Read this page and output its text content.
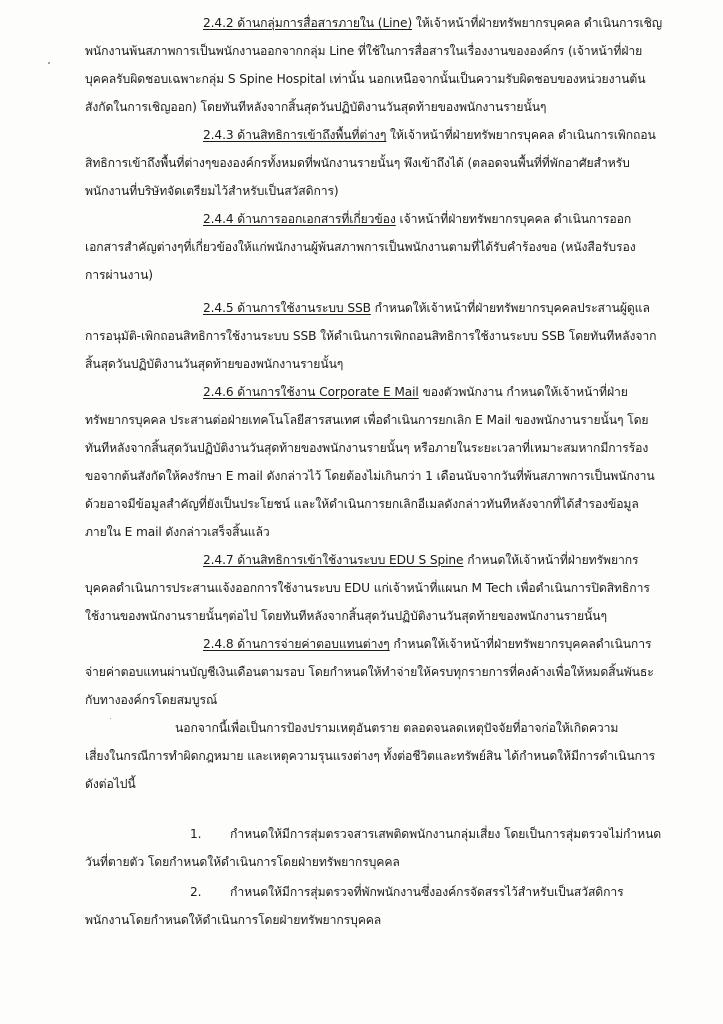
2.4.2 ด้านกลุ่มการสื่อสารภายใน (Line) ให้เจ้าหน้าที่ฝ่ายทรัพยากรบุคคล ดำเนินการเชิญ
พนักงานพ้นสภาพการเป็นพนักงานออกจากกลุ่ม Line ที่ใช้ในการสื่อสารในเรื่องงานขององค์กร (เจ้าหน้าที่ฝ่าย
บุคคลรับผิดชอบเฉพาะกลุ่ม S Spine Hospital เท่านั้น นอกเหนือจากนั้นเป็นความรับผิดชอบของหน่วยงานต้น
สังกัดในการเชิญออก) โดยทันทีหลังจากสิ้นสุดวันปฏิบัติงานวันสุดท้ายของพนักงานรายนั้นๆ
2.4.3 ด้านสิทธิการเข้าถึงพื้นที่ต่างๆ ให้เจ้าหน้าที่ฝ่ายทรัพยากรบุคคล ดำเนินการเพิกถอน
สิทธิการเข้าถึงพื้นที่ต่างๆขององค์กรทั้งหมดที่พนักงานรายนั้นๆ พึงเข้าถึงได้ (ตลอดจนพื้นที่ที่พักอาศัยสำหรับ
พนักงานที่บริษัทจัดเตรียมไว้สำหรับเป็นสวัสดิการ)
2.4.4 ด้านการออกเอกสารที่เกี่ยวข้อง เจ้าหน้าที่ฝ่ายทรัพยากรบุคคล ดำเนินการออก
เอกสารสำคัญต่างๆที่เกี่ยวข้องให้แก่พนักงานผู้พ้นสภาพการเป็นพนักงานตามที่ได้รับคำร้องขอ (หนังสือรับรอง
การผ่านงาน)
2.4.5 ด้านการใช้งานระบบ SSB กำหนดให้เจ้าหน้าที่ฝ่ายทรัพยากรบุคคลประสานผู้ดูแล
การอนุมัติ-เพิกถอนสิทธิการใช้งานระบบ SSB ให้ดำเนินการเพิกถอนสิทธิการใช้งานระบบ SSB โดยทันทีหลังจาก
สิ้นสุดวันปฏิบัติงานวันสุดท้ายของพนักงานรายนั้นๆ
2.4.6 ด้านการใช้งาน Corporate E Mail ของตัวพนักงาน กำหนดให้เจ้าหน้าที่ฝ่าย
ทรัพยากรบุคคล ประสานต่อฝ่ายเทคโนโลยีสารสนเทศ เพื่อดำเนินการยกเลิก E Mail ของพนักงานรายนั้นๆ โดย
ทันทีหลังจากสิ้นสุดวันปฏิบัติงานวันสุดท้ายของพนักงานรายนั้นๆ หรือภายในระยะเวลาที่เหมาะสมหากมีการร้อง
ขอจากต้นสังกัดให้คงรักษา E mail ดังกล่าวไว้ โดยต้องไม่เกินกว่า 1 เดือนนับจากวันที่พ้นสภาพการเป็นพนักงาน
ด้วยอาจมีข้อมูลสำคัญที่ยังเป็นประโยชน์ และให้ดำเนินการยกเลิกอีเมลดังกล่าวทันทีหลังจากที่ได้สำรองข้อมูล
ภายใน E mail ดังกล่าวเสร็จสิ้นแล้ว
2.4.7 ด้านสิทธิการเข้าใช้งานระบบ EDU S Spine กำหนดให้เจ้าหน้าที่ฝ่ายทรัพยากร
บุคคลดำเนินการประสานแจ้งออกการใช้งานระบบ EDU แก่เจ้าหน้าที่แผนก M Tech เพื่อดำเนินการปิดสิทธิการ
ใช้งานของพนักงานรายนั้นๆต่อไป โดยทันทีหลังจากสิ้นสุดวันปฏิบัติงานวันสุดท้ายของพนักงานรายนั้นๆ
2.4.8 ด้านการจ่ายค่าตอบแทนต่างๆ กำหนดให้เจ้าหน้าที่ฝ่ายทรัพยากรบุคคลดำเนินการ
จ่ายค่าตอบแทนผ่านบัญชีเงินเดือนตามรอบ โดยกำหนดให้ทำจ่ายให้ครบทุกรายการที่คงค้างเพื่อให้หมดสิ้นพันธะ
กับทางองค์กรโดยสมบูรณ์
นอกจากนี้เพื่อเป็นการป้องปรามเหตุอันตราย ตลอดจนลดเหตุปัจจัยที่อาจก่อให้เกิดความ
เสี่ยงในกรณีการทำผิดกฎหมาย และเหตุความรุนแรงต่างๆ ทั้งต่อชีวิตและทรัพย์สิน ได้กำหนดให้มีการดำเนินการ
ดังต่อไปนี้
1. กำหนดให้มีการสุ่มตรวจสารเสพติดพนักงานกลุ่มเสี่ยง โดยเป็นการสุ่มตรวจไม่กำหนด
วันที่ตายตัว โดยกำหนดให้ดำเนินการโดยฝ่ายทรัพยากรบุคคล
2. กำหนดให้มีการสุ่มตรวจที่พักพนักงานซึ่งองค์กรจัดสรรไว้สำหรับเป็นสวัสดิการ
พนักงานโดยกำหนดให้ดำเนินการโดยฝ่ายทรัพยากรบุคคล
